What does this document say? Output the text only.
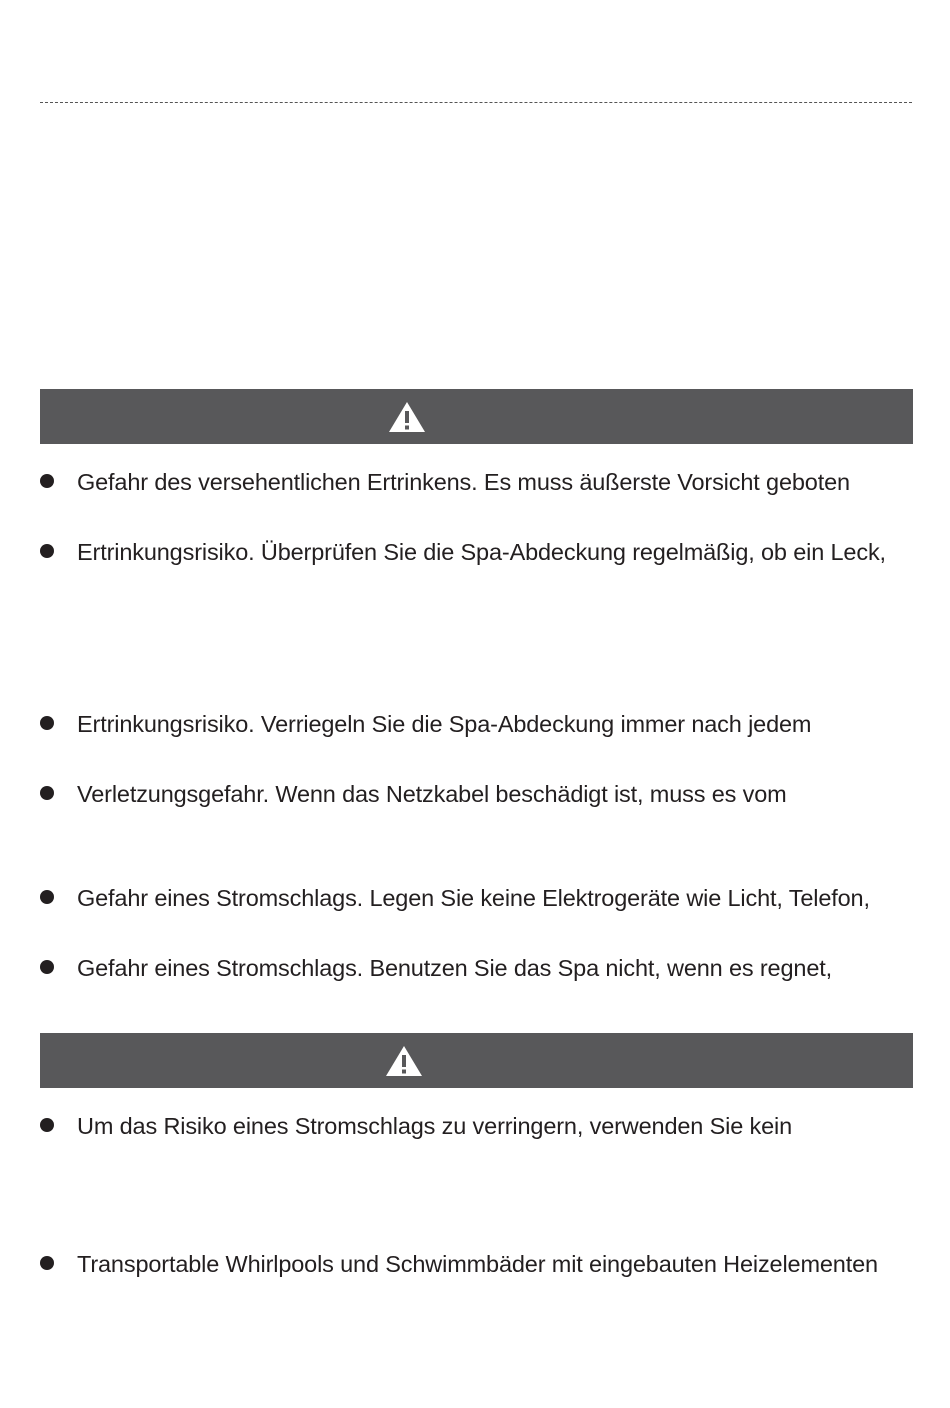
Gefahr des versehentlichen Ertrinkens. Es muss äußerste Vorsicht geboten
Ertrinkungsrisiko. Überprüfen Sie die Spa-Abdeckung regelmäßig, ob ein Leck,
Ertrinkungsrisiko. Verriegeln Sie die Spa-Abdeckung immer nach jedem
Verletzungsgefahr. Wenn das Netzkabel beschädigt ist, muss es vom
Gefahr eines Stromschlags. Legen Sie keine Elektrogeräte wie Licht, Telefon,
Gefahr eines Stromschlags. Benutzen Sie das Spa nicht, wenn es regnet,
Um das Risiko eines Stromschlags zu verringern, verwenden Sie kein
Transportable Whirlpools und Schwimmbäder mit eingebauten Heizelementen
